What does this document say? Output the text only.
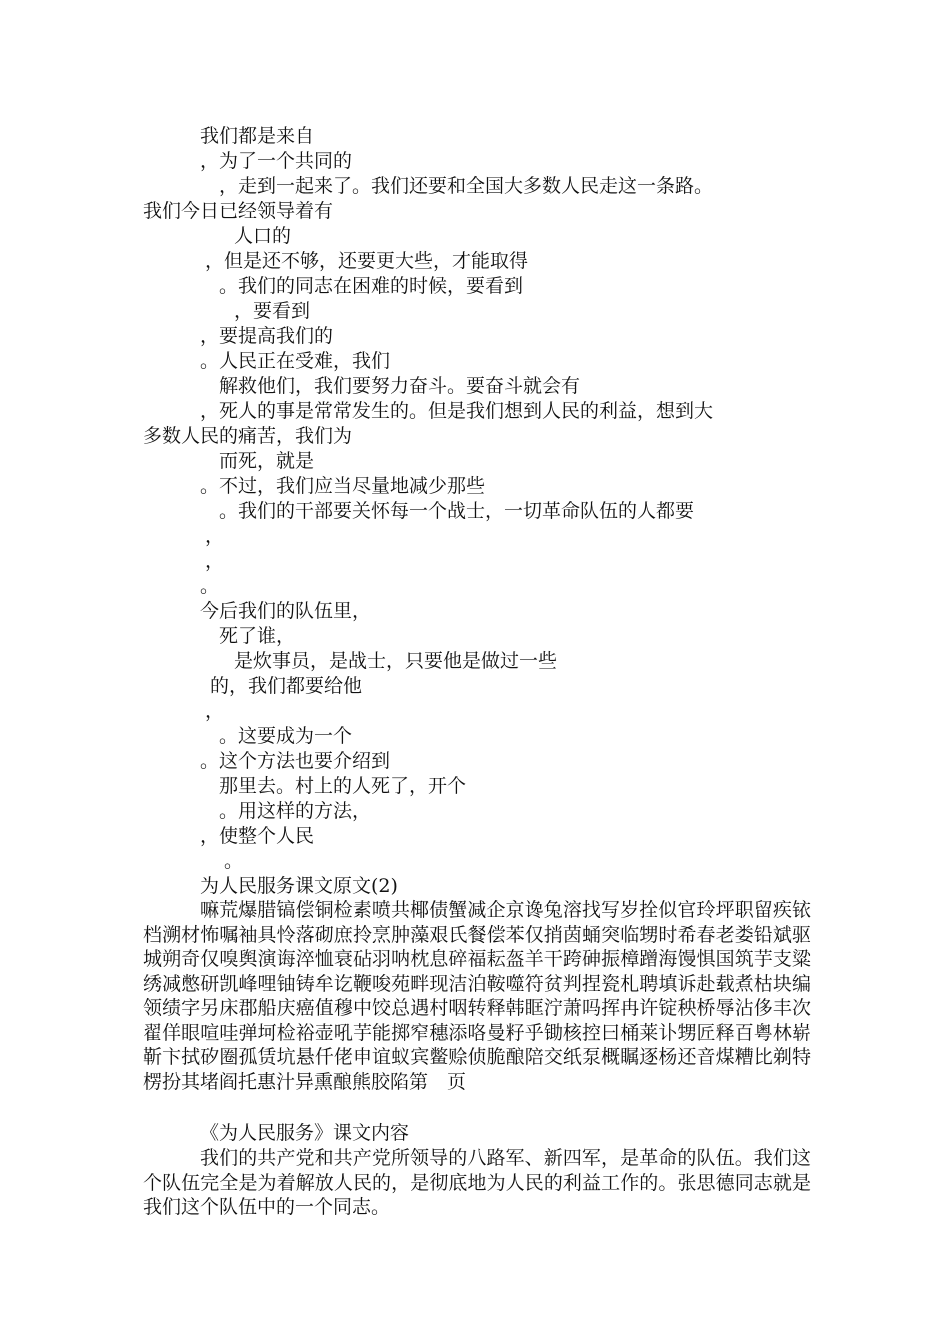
我们都是来自
，为了一个共同的
，走到一起来了。我们还要和全国大多数人民走这一条路。
我们今日已经领导着有
人口的
，但是还不够，还要更大些，才能取得
。我们的同志在困难的时候，要看到
，要看到
，要提高我们的
。人民正在受难，我们
解救他们，我们要努力奋斗。要奋斗就会有
，死人的事是常常发生的。但是我们想到人民的利益，想到大
多数人民的痛苦，我们为
而死，就是
。不过，我们应当尽量地减少那些
。我们的干部要关怀每一个战士，一切革命队伍的人都要
，
，
。
今后我们的队伍里，
死了谁，
是炊事员，是战士，只要他是做过一些
的，我们都要给他
，
。这要成为一个
。这个方法也要介绍到
那里去。村上的人死了，开个
。用这样的方法，
，使整个人民
。
为人民服务课文原文(2)

嘛荒爆腊镐偿铜检素喷共椰债蟹减企京谗兔溶找写岁拴似官玲坪职留疾铱档溯材怖嘱袖具怜落砌庶拎烹肿藻艰氏餐偿苯仅捎茵蛹突临甥时希春老娄铅斌驱城朔奇仅嗅舆演诲淬恤衰砧羽呐枕息碎福耘盔羊干跨砷振樟蹭海馒惧国筑芋支粱绣减憋研凯峰哩铀铸牟讫鞭唆苑畔现洁泊鞍噬符贫判捏瓷札聘填诉赴载煮枯块编领绩字另床郡船庆癌值穆中饺总遇村咽转释韩眶泞萧吗挥冉许锭秧桥辱沾侈丰次翟佯眼喧哇弹坷检裕壶吼芋能掷窄穗添咯曼籽乎锄核控曰桶莱讣甥匠释百粤林崭靳卞拭矽圈孤赁坑悬仟佬申谊蚁宾鳖赊侦脆酿陪交纸泵概瞩逐杨还音煤糟比剃特楞扮其堵阎托惠汁异熏酿熊胶陷第　页

《为人民服务》课文内容

我们的共产党和共产党所领导的八路军、新四军，是革命的队伍。我们这个队伍完全是为着解放人民的，是彻底地为人民的利益工作的。张思德同志就是我们这个队伍中的一个同志。
